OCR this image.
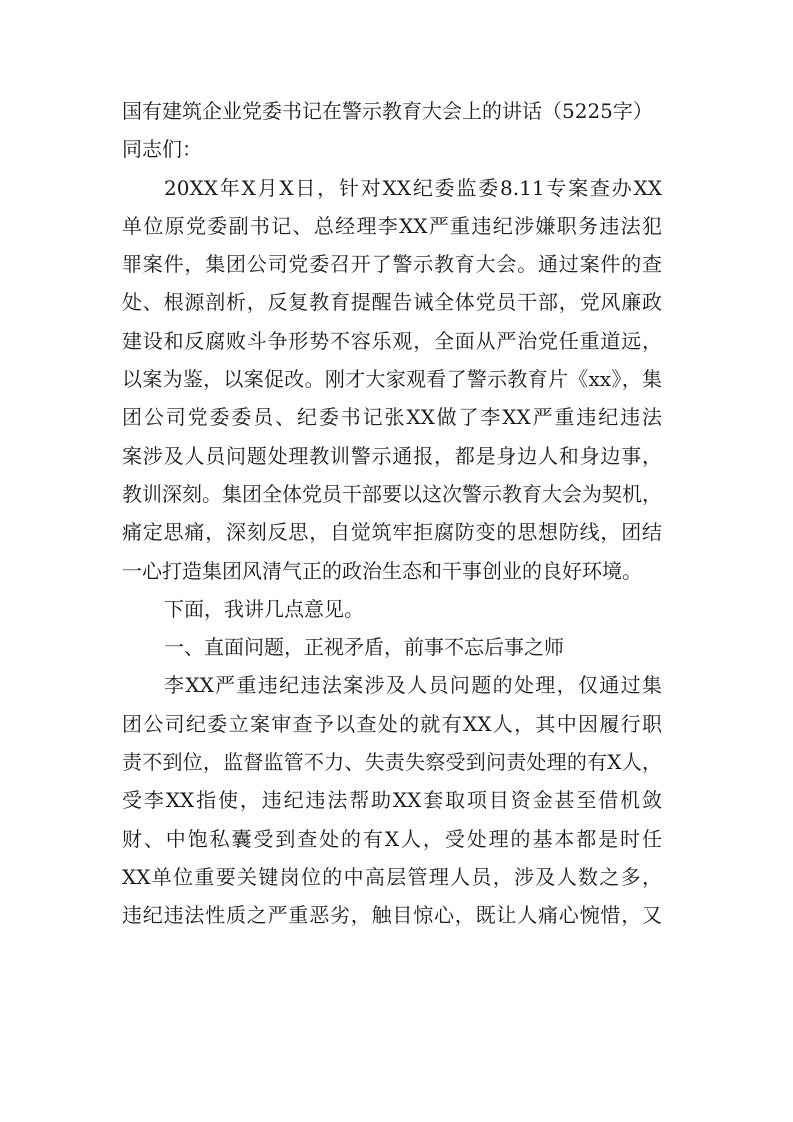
国有建筑企业党委书记在警示教育大会上的讲话（5225字）
同志们：
20XX年X月X日，针对XX纪委监委8.11专案查办XX
单位原党委副书记、总经理李XX严重违纪涉嫌职务违法犯
罪案件，集团公司党委召开了警示教育大会。通过案件的查
处、根源剖析，反复教育提醒告诫全体党员干部，党风廉政
建设和反腐败斗争形势不容乐观，全面从严治党任重道远，
以案为鉴，以案促改。刚才大家观看了警示教育片《xx》，集
团公司党委委员、纪委书记张XX做了李XX严重违纪违法
案涉及人员问题处理教训警示通报，都是身边人和身边事，
教训深刻。集团全体党员干部要以这次警示教育大会为契机，
痛定思痛，深刻反思，自觉筑牢拒腐防变的思想防线，团结
一心打造集团风清气正的政治生态和干事创业的良好环境。
下面，我讲几点意见。
一、直面问题，正视矛盾，前事不忘后事之师
李XX严重违纪违法案涉及人员问题的处理，仅通过集
团公司纪委立案审查予以查处的就有XX人，其中因履行职
责不到位，监督监管不力、失责失察受到问责处理的有X人，
受李XX指使，违纪违法帮助XX套取项目资金甚至借机敛
财、中饱私囊受到查处的有X人，受处理的基本都是时任
XX单位重要关键岗位的中高层管理人员，涉及人数之多，
违纪违法性质之严重恶劣，触目惊心，既让人痛心惋惜，又
